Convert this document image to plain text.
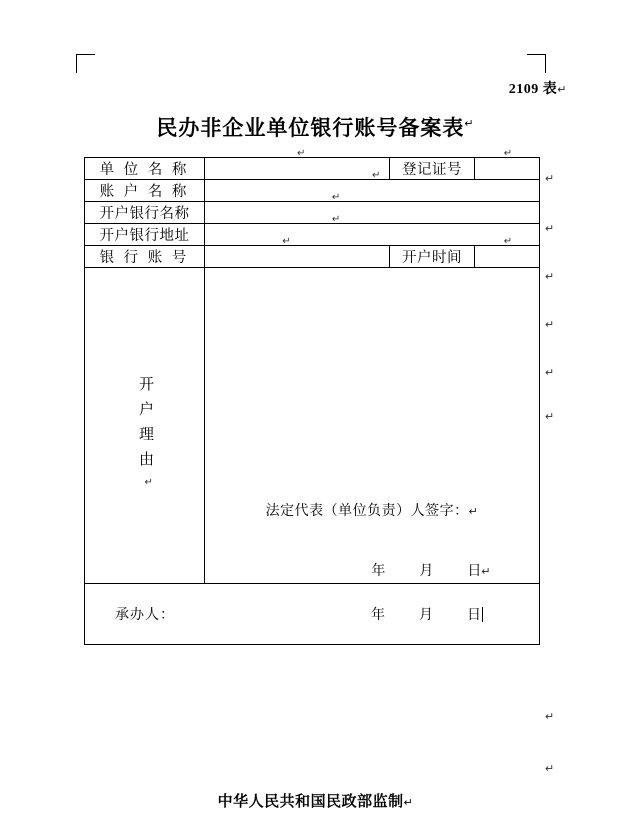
2109 表↵
民办非企业单位银行账号备案表↵
单 位 名 称	↵	登记证号	↵

账 户 名 称	↵		

开户银行名称	↵		

开户银行地址	↵		

银 行 账 号	↵	开户时间	↵

开户理由
↵

法定代表（单位负责）人签字：↵
年 月 日↵

承办人： 年 月 日			
↵
↵
↵
↵
↵
↵
↵
↵
中华人民共和国民政部监制↵
